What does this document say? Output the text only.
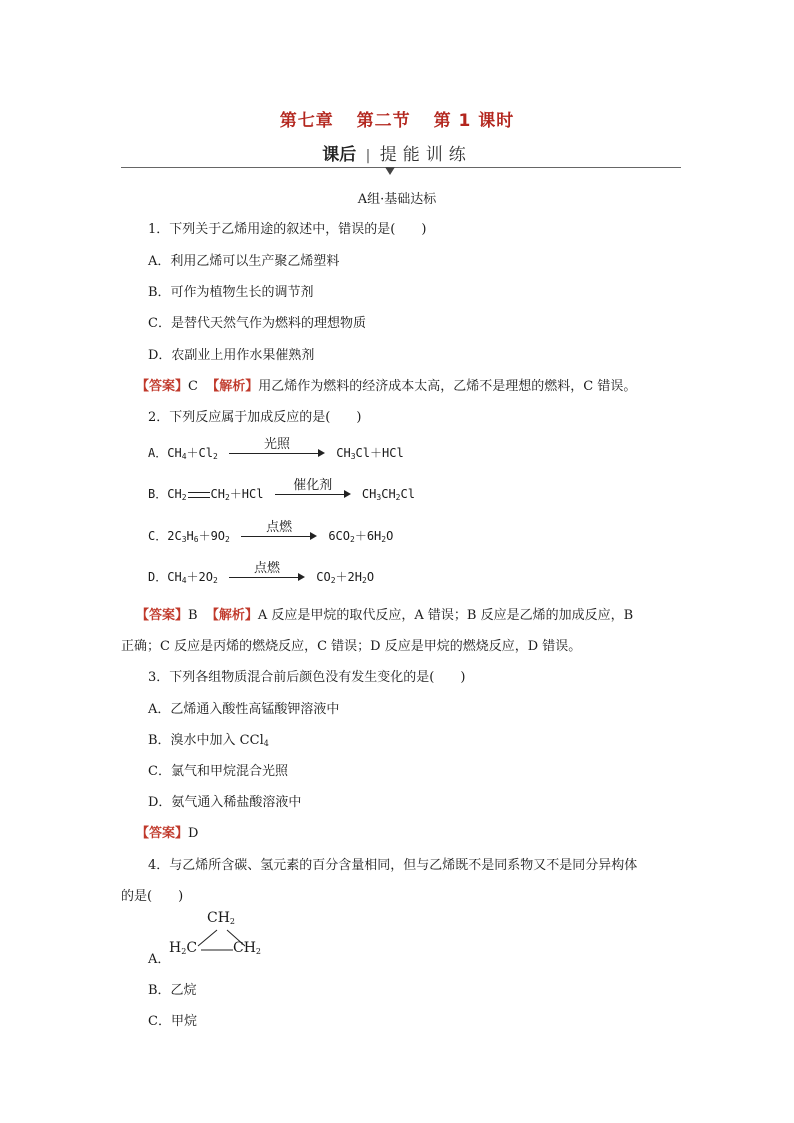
第七章 第二节 第 1 课时
课后 | 提能训练
A组·基础达标
1．下列关于乙烯用途的叙述中，错误的是(　　)
A．利用乙烯可以生产聚乙烯塑料
B．可作为植物生长的调节剂
C．是替代天然气作为燃料的理想物质
D．农副业上用作水果催熟剂
【答案】C 【解析】用乙烯作为燃料的经济成本太高，乙烯不是理想的燃料，C 错误。
2．下列反应属于加成反应的是(　　)
A．$CH_4+Cl_2$
光照
$CH_3Cl+HCl$
B．$CH_2$ $CH_2+HCl$
催化剂
$CH_3CH_2Cl$
C．$2C_3H_6+9O_2$
点燃
$6CO_2+6H_2O$
D．$CH_4+2O_2$
点燃
$CO_2+2H_2O$
【答案】B 【解析】A 反应是甲烷的取代反应，A 错误；B 反应是乙烯的加成反应，B
正确；C 反应是丙烯的燃烧反应，C 错误；D 反应是甲烷的燃烧反应，D 错误。
3．下列各组物质混合前后颜色没有发生变化的是(　　)
A．乙烯通入酸性高锰酸钾溶液中
B．溴水中加入 CCl$_4$
C．氯气和甲烷混合光照
D．氨气通入稀盐酸溶液中
【答案】D
4．与乙烯所含碳、氢元素的百分含量相同，但与乙烯既不是同系物又不是同分异构体
的是(　　)
A．
$CH_2$
$H_2C$	$CH_2$
B．乙烷
C．甲烷
